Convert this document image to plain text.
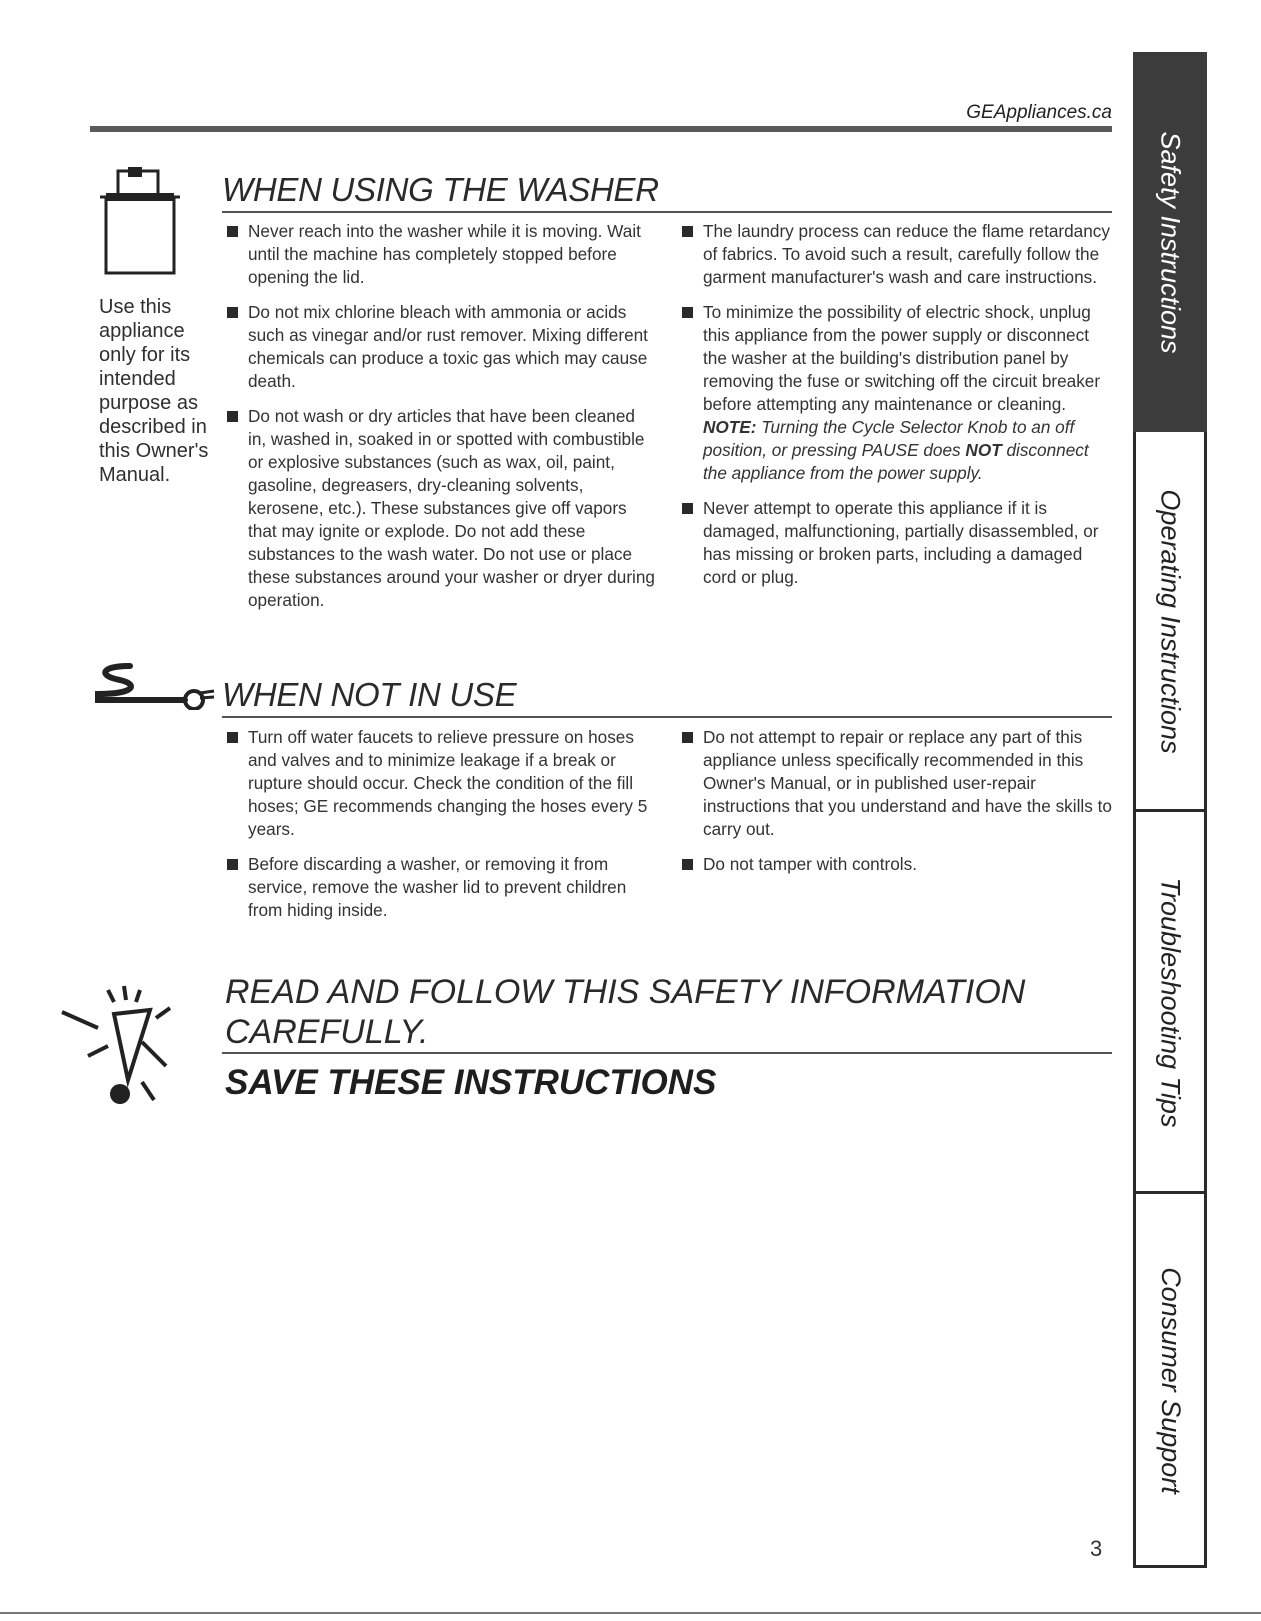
GEAppliances.ca
WHEN USING THE WASHER
Use this appliance only for its intended purpose as described in this Owner's Manual.

Never reach into the washer while it is moving. Wait until the machine has completely stopped before opening the lid.

Do not mix chlorine bleach with ammonia or acids such as vinegar and/or rust remover. Mixing different chemicals can produce a toxic gas which may cause death.

Do not wash or dry articles that have been cleaned in, washed in, soaked in or spotted with combustible or explosive substances (such as wax, oil, paint, gasoline, degreasers, dry-cleaning solvents, kerosene, etc.). These substances give off vapors that may ignite or explode. Do not add these substances to the wash water. Do not use or place these substances around your washer or dryer during operation.

The laundry process can reduce the flame retardancy of fabrics. To avoid such a result, carefully follow the garment manufacturer's wash and care instructions.

To minimize the possibility of electric shock, unplug this appliance from the power supply or disconnect the washer at the building's distribution panel by removing the fuse or switching off the circuit breaker before attempting any maintenance or cleaning.
NOTE: Turning the Cycle Selector Knob to an off position, or pressing PAUSE does NOT disconnect the appliance from the power supply.

Never attempt to operate this appliance if it is damaged, malfunctioning, partially disassembled, or has missing or broken parts, including a damaged cord or plug.

WHEN NOT IN USE

Turn off water faucets to relieve pressure on hoses and valves and to minimize leakage if a break or rupture should occur. Check the condition of the fill hoses; GE recommends changing the hoses every 5 years.

Before discarding a washer, or removing it from service, remove the washer lid to prevent children from hiding inside.

Do not attempt to repair or replace any part of this appliance unless specifically recommended in this Owner's Manual, or in published user-repair instructions that you understand and have the skills to carry out.

Do not tamper with controls.

READ AND FOLLOW THIS SAFETY INFORMATION
CAREFULLY.
SAVE THESE INSTRUCTIONS
Safety Instructions
Operating Instructions
Troubleshooting Tips
Consumer Support
3
